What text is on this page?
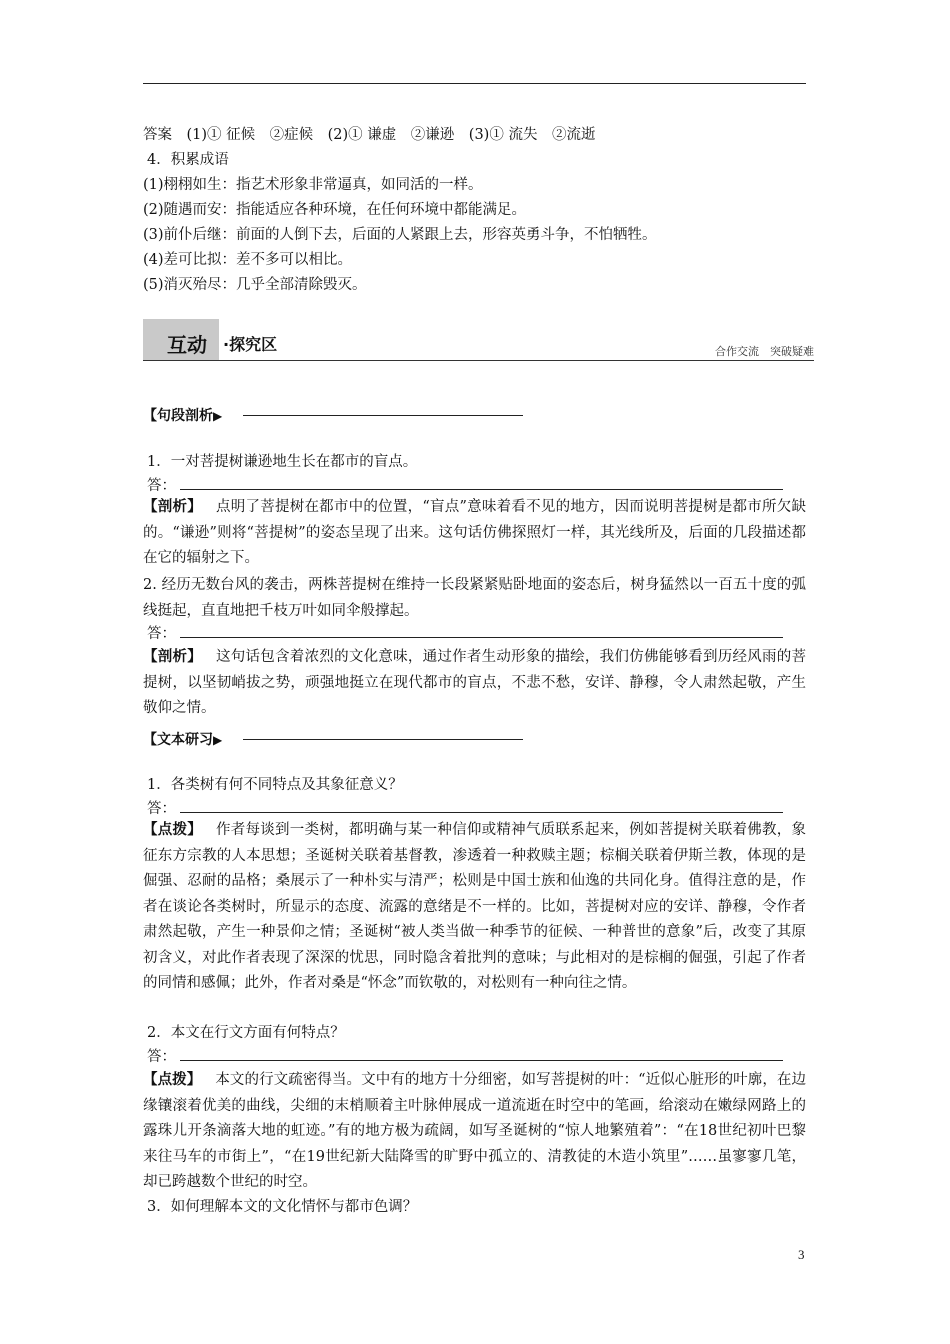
答案　(1)① 征候　②症候　(2)① 谦虚　②谦逊　(3)① 流失　②流逝
4．积累成语
(1)栩栩如生：指艺术形象非常逼真，如同活的一样。
(2)随遇而安：指能适应各种环境，在任何环境中都能满足。
(3)前仆后继：前面的人倒下去，后面的人紧跟上去，形容英勇斗争，不怕牺牲。
(4)差可比拟：差不多可以相比。
(5)消灭殆尽：几乎全部清除毁灭。
互动 ·探究区	合作交流　突破疑难
【句段剖析▶
1．一对菩提树谦逊地生长在都市的盲点。
答：
【剖析】 点明了菩提树在都市中的位置，“盲点”意味着看不见的地方，因而说明菩提树是都市所欠缺的。“谦逊”则将“菩提树”的姿态呈现了出来。这句话仿佛探照灯一样，其光线所及，后面的几段描述都在它的辐射之下。
2. 经历无数台风的袭击，两株菩提树在维持一长段紧紧贴卧地面的姿态后，树身猛然以一百五十度的弧线挺起，直直地把千枝万叶如同伞般撑起。
答：
【剖析】 这句话包含着浓烈的文化意味，通过作者生动形象的描绘，我们仿佛能够看到历经风雨的菩提树，以坚韧峭拔之势，顽强地挺立在现代都市的盲点，不悲不愁，安详、静穆，令人肃然起敬，产生敬仰之情。
【文本研习▶
1．各类树有何不同特点及其象征意义？
答：
【点拨】 作者每谈到一类树，都明确与某一种信仰或精神气质联系起来，例如菩提树关联着佛教，象征东方宗教的人本思想；圣诞树关联着基督教，渗透着一种救赎主题；棕榈关联着伊斯兰教，体现的是倔强、忍耐的品格；桑展示了一种朴实与清严；松则是中国士族和仙逸的共同化身。值得注意的是，作者在谈论各类树时，所显示的态度、流露的意绪是不一样的。比如，菩提树对应的安详、静穆，令作者肃然起敬，产生一种景仰之情；圣诞树“被人类当做一种季节的征候、一种普世的意象”后，改变了其原初含义，对此作者表现了深深的忧思，同时隐含着批判的意味；与此相对的是棕榈的倔强，引起了作者的同情和感佩；此外，作者对桑是“怀念”而钦敬的，对松则有一种向往之情。
2．本文在行文方面有何特点？
答：
【点拨】 本文的行文疏密得当。文中有的地方十分细密，如写菩提树的叶：“近似心脏形的叶廓，在边缘镶滚着优美的曲线，尖细的末梢顺着主叶脉伸展成一道流逝在时空中的笔画，给滚动在嫩绿网路上的露珠儿开条滴落大地的虹迹。”有的地方极为疏阔，如写圣诞树的“惊人地繁殖着”：“在18世纪初叶巴黎来往马车的市街上”，“在19世纪新大陆降雪的旷野中孤立的、清教徒的木造小筑里”……虽寥寥几笔，却已跨越数个世纪的时空。
3．如何理解本文的文化情怀与都市色调？
3
